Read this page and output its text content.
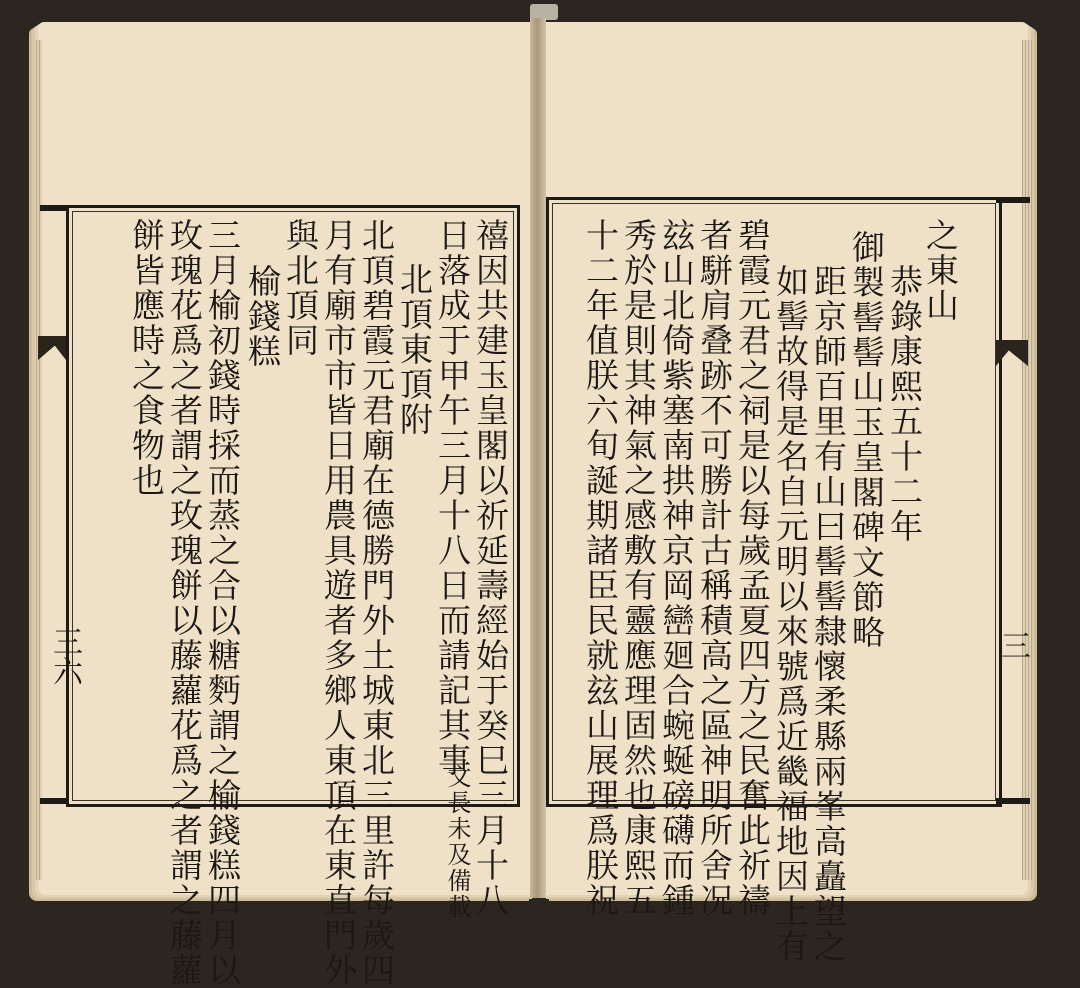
三六	三
禧因共建玉皇閣以祈延壽經始于癸巳三月十八
日落成于甲午三月十八日而請記其事
文長未及備載
北頂東頂附
北頂碧霞元君廟在德勝門外土城東北三里許每歲四
月有廟市市皆日用農具遊者多鄉人東頂在東直門外
與北頂同
榆錢糕
三月榆初錢時採而蒸之合以糖麪謂之榆錢糕四月以
玫瑰花爲之者謂之玫瑰餅以藤蘿花爲之者謂之藤蘿
餅皆應時之食物也	之東山
恭錄康熙五十二年
御製髻髻山玉皇閣碑文節略
距京師百里有山曰髻髻隸懷柔縣兩峯高矗望之
如髻故得是名自元明以來號爲近畿福地因上有
碧霞元君之祠是以每歲孟夏四方之民奮此祈禱
者駢肩叠跡不可勝計古稱積高之區神明所舍况
玆山北倚紫塞南拱神京岡巒廻合蜿蜒磅礴而鍾
秀於是則其神氣之感敷有靈應理固然也康熙五
十二年值朕六旬誕期諸臣民就玆山展理爲朕祝
